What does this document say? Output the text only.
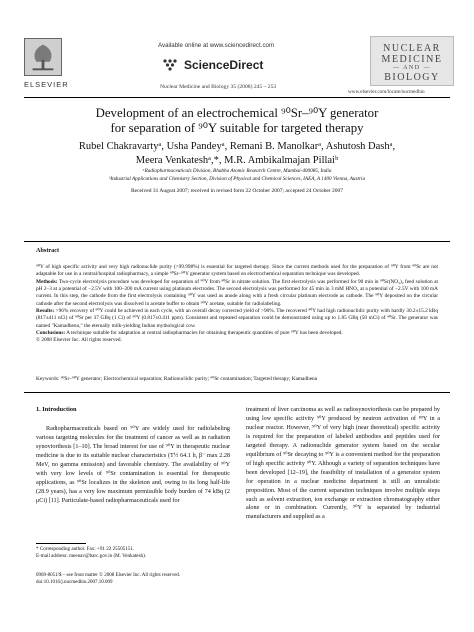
ELSEVIER
Available online at www.sciencedirect.com
ScienceDirect
Nuclear Medicine and Biology 35 (2008) 245 – 253
NUCLEAR
MEDICINE
— AND —
BIOLOGY
www.elsevier.com/locate/nucmedbio
Development of an electrochemical ⁹⁰Sr–⁹⁰Y generator
for separation of ⁹⁰Y suitable for targeted therapy
Rubel Chakravartyᵃ, Usha Pandeyᵃ, Remani B. Manolkarᵃ, Ashutosh Dashᵃ,
Meera Venkateshᵃ,*, M.R. Ambikalmajan Pillaiᵇ
ᵃRadiopharmaceuticals Division, Bhabha Atomic Research Centre, Mumbai-400085, India
ᵇIndustrial Applications and Chemistry Section, Division of Physical and Chemical Sciences, IAEA, A 1400 Vienna, Austria
Received 31 August 2007; received in revised form 22 October 2007; accepted 24 October 2007
Abstract

⁹⁰Y of high specific activity and very high radionuclide purity (>99.998%) is essential for targeted therapy. Since the current methods used for the preparation of ⁹⁰Y from ⁹⁰Sr are not adaptable for use in a central/hospital radiopharmacy, a simple ⁹⁰Sr–⁹⁰Y generator system based on electrochemical separation technique was developed.

Methods: Two-cycle electrolysis procedure was developed for separation of ⁹⁰Y from ⁹⁰Sr in nitrate solution. The first electrolysis was performed for 90 min in ⁹⁰Sr(NO₃)₂ feed solution at pH 2–3 at a potential of −2.5V with 100–200 mA current using platinum electrodes. The second electrolysis was performed for 45 min in 3 mM HNO₃ at a potential of −2.5V with 100 mA current. In this step, the cathode from the first electrolysis containing ⁹⁰Y was used as anode along with a fresh circular platinum electrode as cathode. The ⁹⁰Y deposited on the circular cathode after the second electrolysis was dissolved in acetate buffer to obtain ⁹⁰Y acetate, suitable for radiolabeling.

Results: >96% recovery of ⁹⁰Y could be achieved in each cycle, with an overall decay corrected yield of >90%. The recovered ⁹⁰Y had high radionuclidic purity with hardly 30.2±15.2 kBq (817±411 nCi) of ⁹⁰Sr per 37 GBq (1 Ci) of ⁹⁰Y (0.817±0.411 ppm). Consistent and repeated separation could be demonstrated using up to 1.85 GBq (50 mCi) of ⁹⁰Sr. The generator was named "Kamadhenu," the eternally milk-yielding Indian mythological cow.

Conclusions: A technique suitable for adaptation at central radiopharmacies for obtaining therapeutic quantities of pure ⁹⁰Y has been developed.

© 2008 Elsevier Inc. All rights reserved.

Keywords: ⁹⁰Sr–⁹⁰Y generator; Electrochemical separation; Radionuclidic purity; ⁹⁰Sr contamination; Targeted therapy; Kamadhenu
1. Introduction

Radiopharmaceuticals based on ⁹⁰Y are widely used for radiolabeling various targeting molecules for the treatment of cancer as well as in radiation synoviorthesis [1–10]. The broad interest for use of ⁹⁰Y in therapeutic nuclear medicine is due to its suitable nuclear characteristics (T½ 64.1 h, β⁻ max 2.28 MeV, no gamma emission) and favorable chemistry. The availability of ⁹⁰Y with very low levels of ⁹⁰Sr contamination is essential for therapeutic applications, as ⁹⁰Sr localizes in the skeleton and, owing to its long half-life (28.9 years), has a very low maximum permissible body burden of 74 kBq (2 μCi) [11]. Particulate-based radiopharmaceuticals used for

treatment of liver carcinoma as well as radiosynoviorthesis can be prepared by using low specific activity ⁹⁰Y produced by neutron activation of ⁸⁹Y in a nuclear reactor. However, ⁹⁰Y of very high (near theoretical) specific activity is required for the preparation of labeled antibodies and peptides used for targeted therapy. A radionuclide generator system based on the secular equilibrium of ⁹⁰Sr decaying to ⁹⁰Y is a convenient method for the preparation of high specific activity ⁹⁰Y. Although a variety of separation techniques have been developed [12–19], the feasibility of installation of a generator system for operation in a nuclear medicine department is still an unrealistic proposition. Most of the current separation techniques involve multiple steps such as solvent extraction, ion exchange or extraction chromatography either alone or in combination. Currently, ⁹⁰Y is separated by industrial manufacturers and supplied as a

* Corresponding author. Fax: +91 22 25505151.
E-mail address: meenav@barc.gov.in (M. Venkatesh).
0969-8051/$ – see front matter © 2008 Elsevier Inc. All rights reserved.
doi:10.1016/j.nucmedbio.2007.10.009
